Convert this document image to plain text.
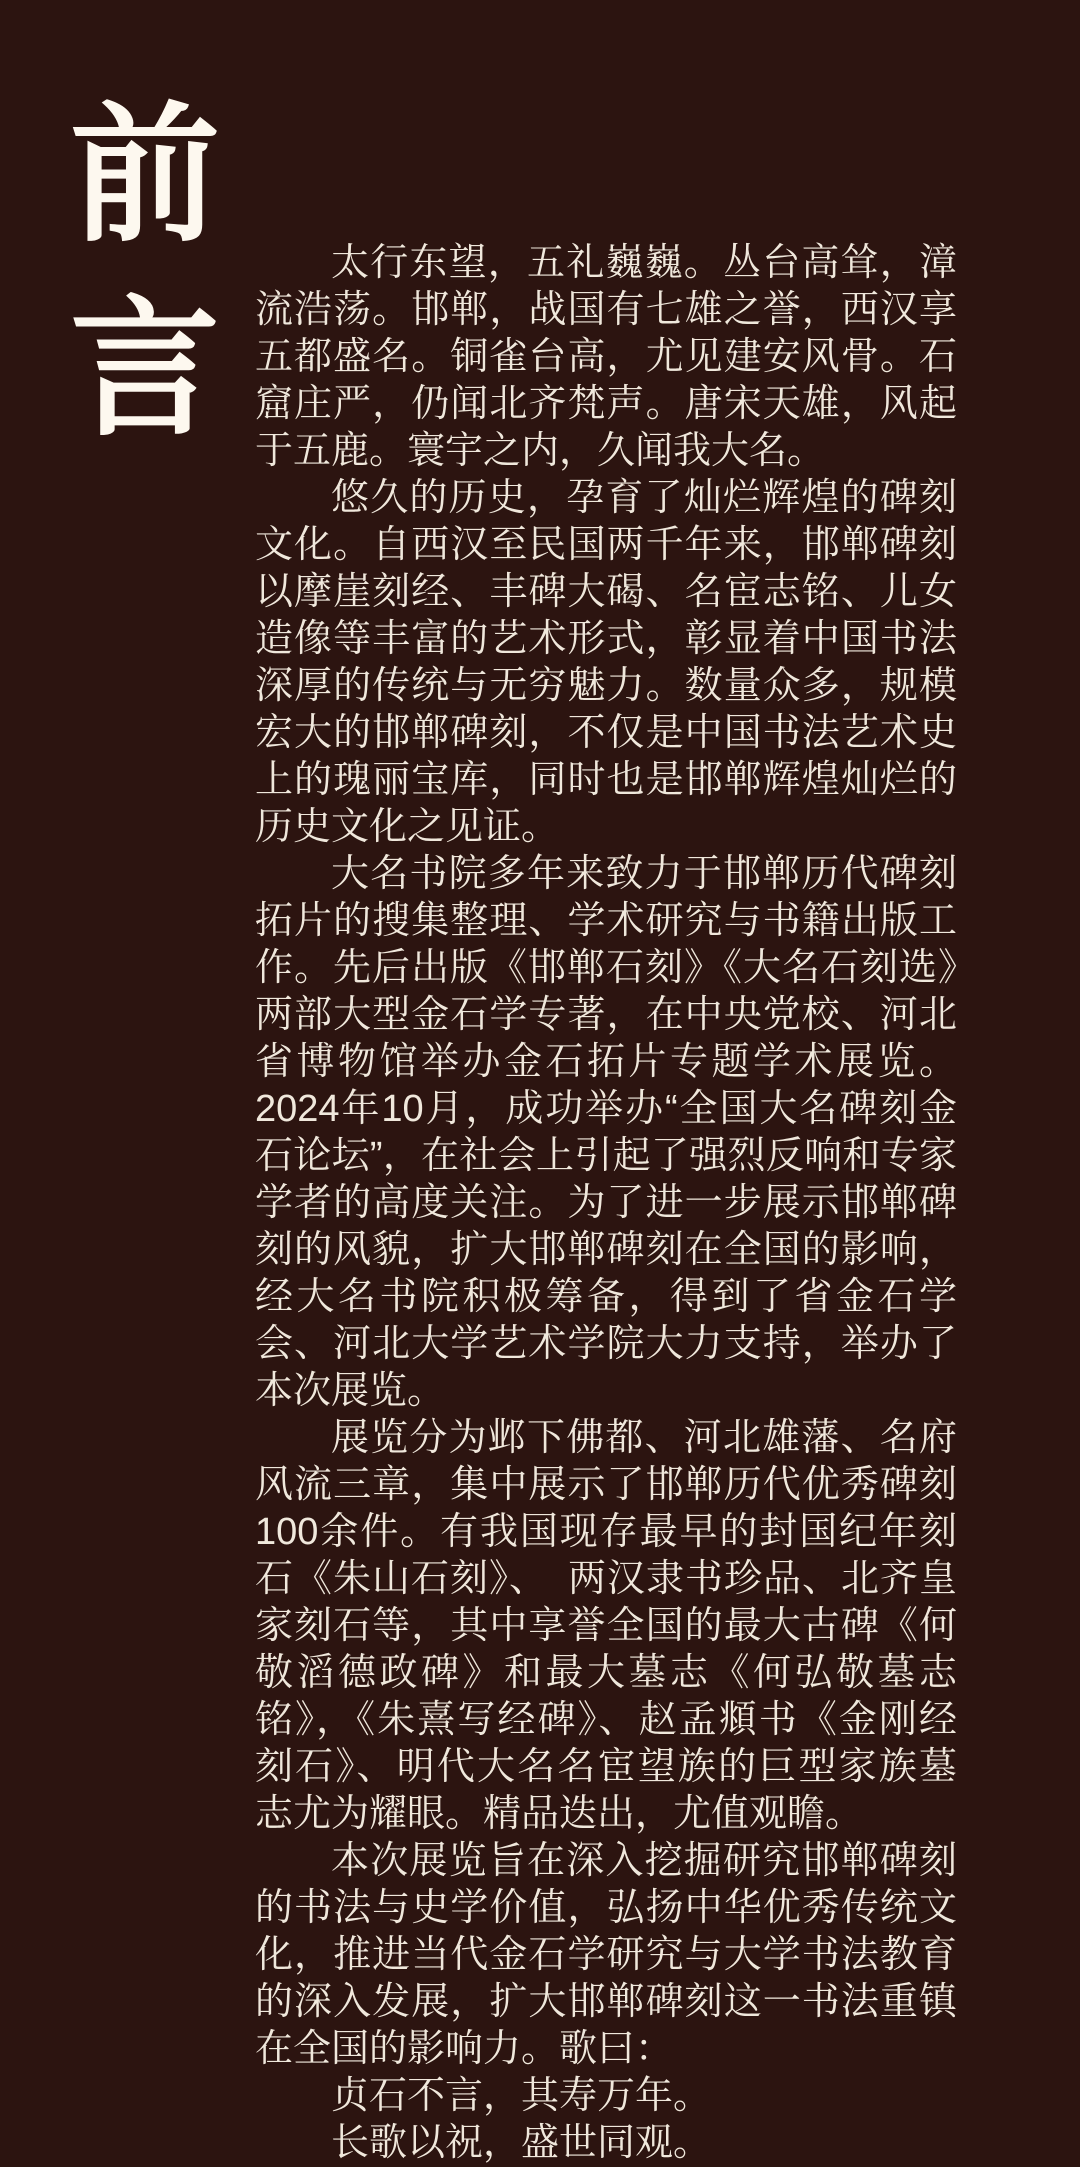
前
言

太行东望，五礼巍巍。丛台高耸，漳流浩荡。邯郸，战国有七雄之誉，西汉享五都盛名。铜雀台高，尤见建安风骨。石窟庄严，仍闻北齐梵声。唐宋天雄，风起于五鹿。寰宇之内，久闻我大名。

悠久的历史，孕育了灿烂辉煌的碑刻文化。自西汉至民国两千年来，邯郸碑刻以摩崖刻经、丰碑大碣、名宦志铭、儿女造像等丰富的艺术形式，彰显着中国书法深厚的传统与无穷魅力。数量众多，规模宏大的邯郸碑刻，不仅是中国书法艺术史上的瑰丽宝库，同时也是邯郸辉煌灿烂的历史文化之见证。

大名书院多年来致力于邯郸历代碑刻拓片的搜集整理、学术研究与书籍出版工作。先后出版《邯郸石刻》《大名石刻选》两部大型金石学专著，在中央党校、河北省博物馆举办金石拓片专题学术展览。2024年10月，成功举办“全国大名碑刻金石论坛”，在社会上引起了强烈反响和专家学者的高度关注。为了进一步展示邯郸碑刻的风貌，扩大邯郸碑刻在全国的影响，经大名书院积极筹备，得到了省金石学会、河北大学艺术学院大力支持，举办了本次展览。

展览分为邺下佛都、河北雄藩、名府风流三章，集中展示了邯郸历代优秀碑刻100余件。有我国现存最早的封国纪年刻石《朱山石刻》、　两汉隶书珍品、北齐皇家刻石等，其中享誉全国的最大古碑《何敬滔德政碑》和最大墓志《何弘敬墓志铭》，《朱熹写经碑》、赵孟頫书《金刚经刻石》、明代大名名宦望族的巨型家族墓志尤为耀眼。精品迭出，尤值观瞻。

本次展览旨在深入挖掘研究邯郸碑刻的书法与史学价值，弘扬中华优秀传统文化，推进当代金石学研究与大学书法教育的深入发展，扩大邯郸碑刻这一书法重镇在全国的影响力。歌曰：

贞石不言，其寿万年。

长歌以祝，盛世同观。
